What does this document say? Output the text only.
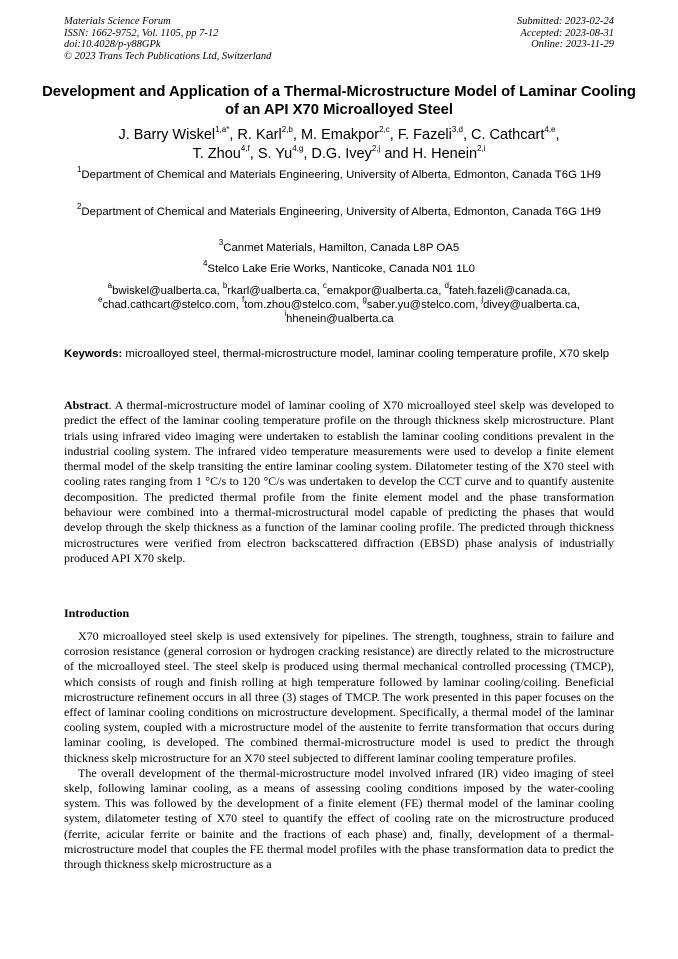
Materials Science Forum
ISSN: 1662-9752, Vol. 1105, pp 7-12
doi:10.4028/p-y88GPk
© 2023 Trans Tech Publications Ltd, Switzerland
Submitted: 2023-02-24
Accepted: 2023-08-31
Online: 2023-11-29
Development and Application of a Thermal-Microstructure Model of Laminar Cooling of an API X70 Microalloyed Steel
J. Barry Wiskel$^{1,a*}$, R. Karl$^{2,b}$, M. Emakpor$^{2,c}$, F. Fazeli$^{3,d}$, C. Cathcart$^{4,e}$,
T. Zhou$^{4,f}$, S. Yu$^{4,g}$, D.G. Ivey$^{2,j}$ and H. Henein$^{2,i}$
$^1$Department of Chemical and Materials Engineering, University of Alberta, Edmonton, Canada T6G 1H9
$^2$Department of Chemical and Materials Engineering, University of Alberta, Edmonton, Canada T6G 1H9
$^3$Canmet Materials, Hamilton, Canada L8P OA5
$^4$Stelco Lake Erie Works, Nanticoke, Canada N01 1L0
$^a$bwiskel@ualberta.ca, $^b$rkarl@ualberta.ca, $^c$emakpor@ualberta.ca, $^d$fateh.fazeli@canada.ca,
$^e$chad.cathcart@stelco.com, $^f$tom.zhou@stelco.com, $^g$saber.yu@stelco.com, $^j$divey@ualberta.ca,
$^i$hhenein@ualberta.ca
Keywords: microalloyed steel, thermal-microstructure model, laminar cooling temperature profile, X70 skelp
Abstract. A thermal-microstructure model of laminar cooling of X70 microalloyed steel skelp was developed to predict the effect of the laminar cooling temperature profile on the through thickness skelp microstructure. Plant trials using infrared video imaging were undertaken to establish the laminar cooling conditions prevalent in the industrial cooling system. The infrared video temperature measurements were used to develop a finite element thermal model of the skelp transiting the entire laminar cooling system. Dilatometer testing of the X70 steel with cooling rates ranging from 1 °C/s to 120 °C/s was undertaken to develop the CCT curve and to quantify austenite decomposition. The predicted thermal profile from the finite element model and the phase transformation behaviour were combined into a thermal-microstructural model capable of predicting the phases that would develop through the skelp thickness as a function of the laminar cooling profile. The predicted through thickness microstructures were verified from electron backscattered diffraction (EBSD) phase analysis of industrially produced API X70 skelp.
Introduction

X70 microalloyed steel skelp is used extensively for pipelines. The strength, toughness, strain to failure and corrosion resistance (general corrosion or hydrogen cracking resistance) are directly related to the microstructure of the microalloyed steel. The steel skelp is produced using thermal mechanical controlled processing (TMCP), which consists of rough and finish rolling at high temperature followed by laminar cooling/coiling. Beneficial microstructure refinement occurs in all three (3) stages of TMCP. The work presented in this paper focuses on the effect of laminar cooling conditions on microstructure development. Specifically, a thermal model of the laminar cooling system, coupled with a microstructure model of the austenite to ferrite transformation that occurs during laminar cooling, is developed. The combined thermal-microstructure model is used to predict the through thickness skelp microstructure for an X70 steel subjected to different laminar cooling temperature profiles.

The overall development of the thermal-microstructure model involved infrared (IR) video imaging of steel skelp, following laminar cooling, as a means of assessing cooling conditions imposed by the water-cooling system. This was followed by the development of a finite element (FE) thermal model of the laminar cooling system, dilatometer testing of X70 steel to quantify the effect of cooling rate on the microstructure produced (ferrite, acicular ferrite or bainite and the fractions of each phase) and, finally, development of a thermal-microstructure model that couples the FE thermal model profiles with the phase transformation data to predict the through thickness skelp microstructure as a
